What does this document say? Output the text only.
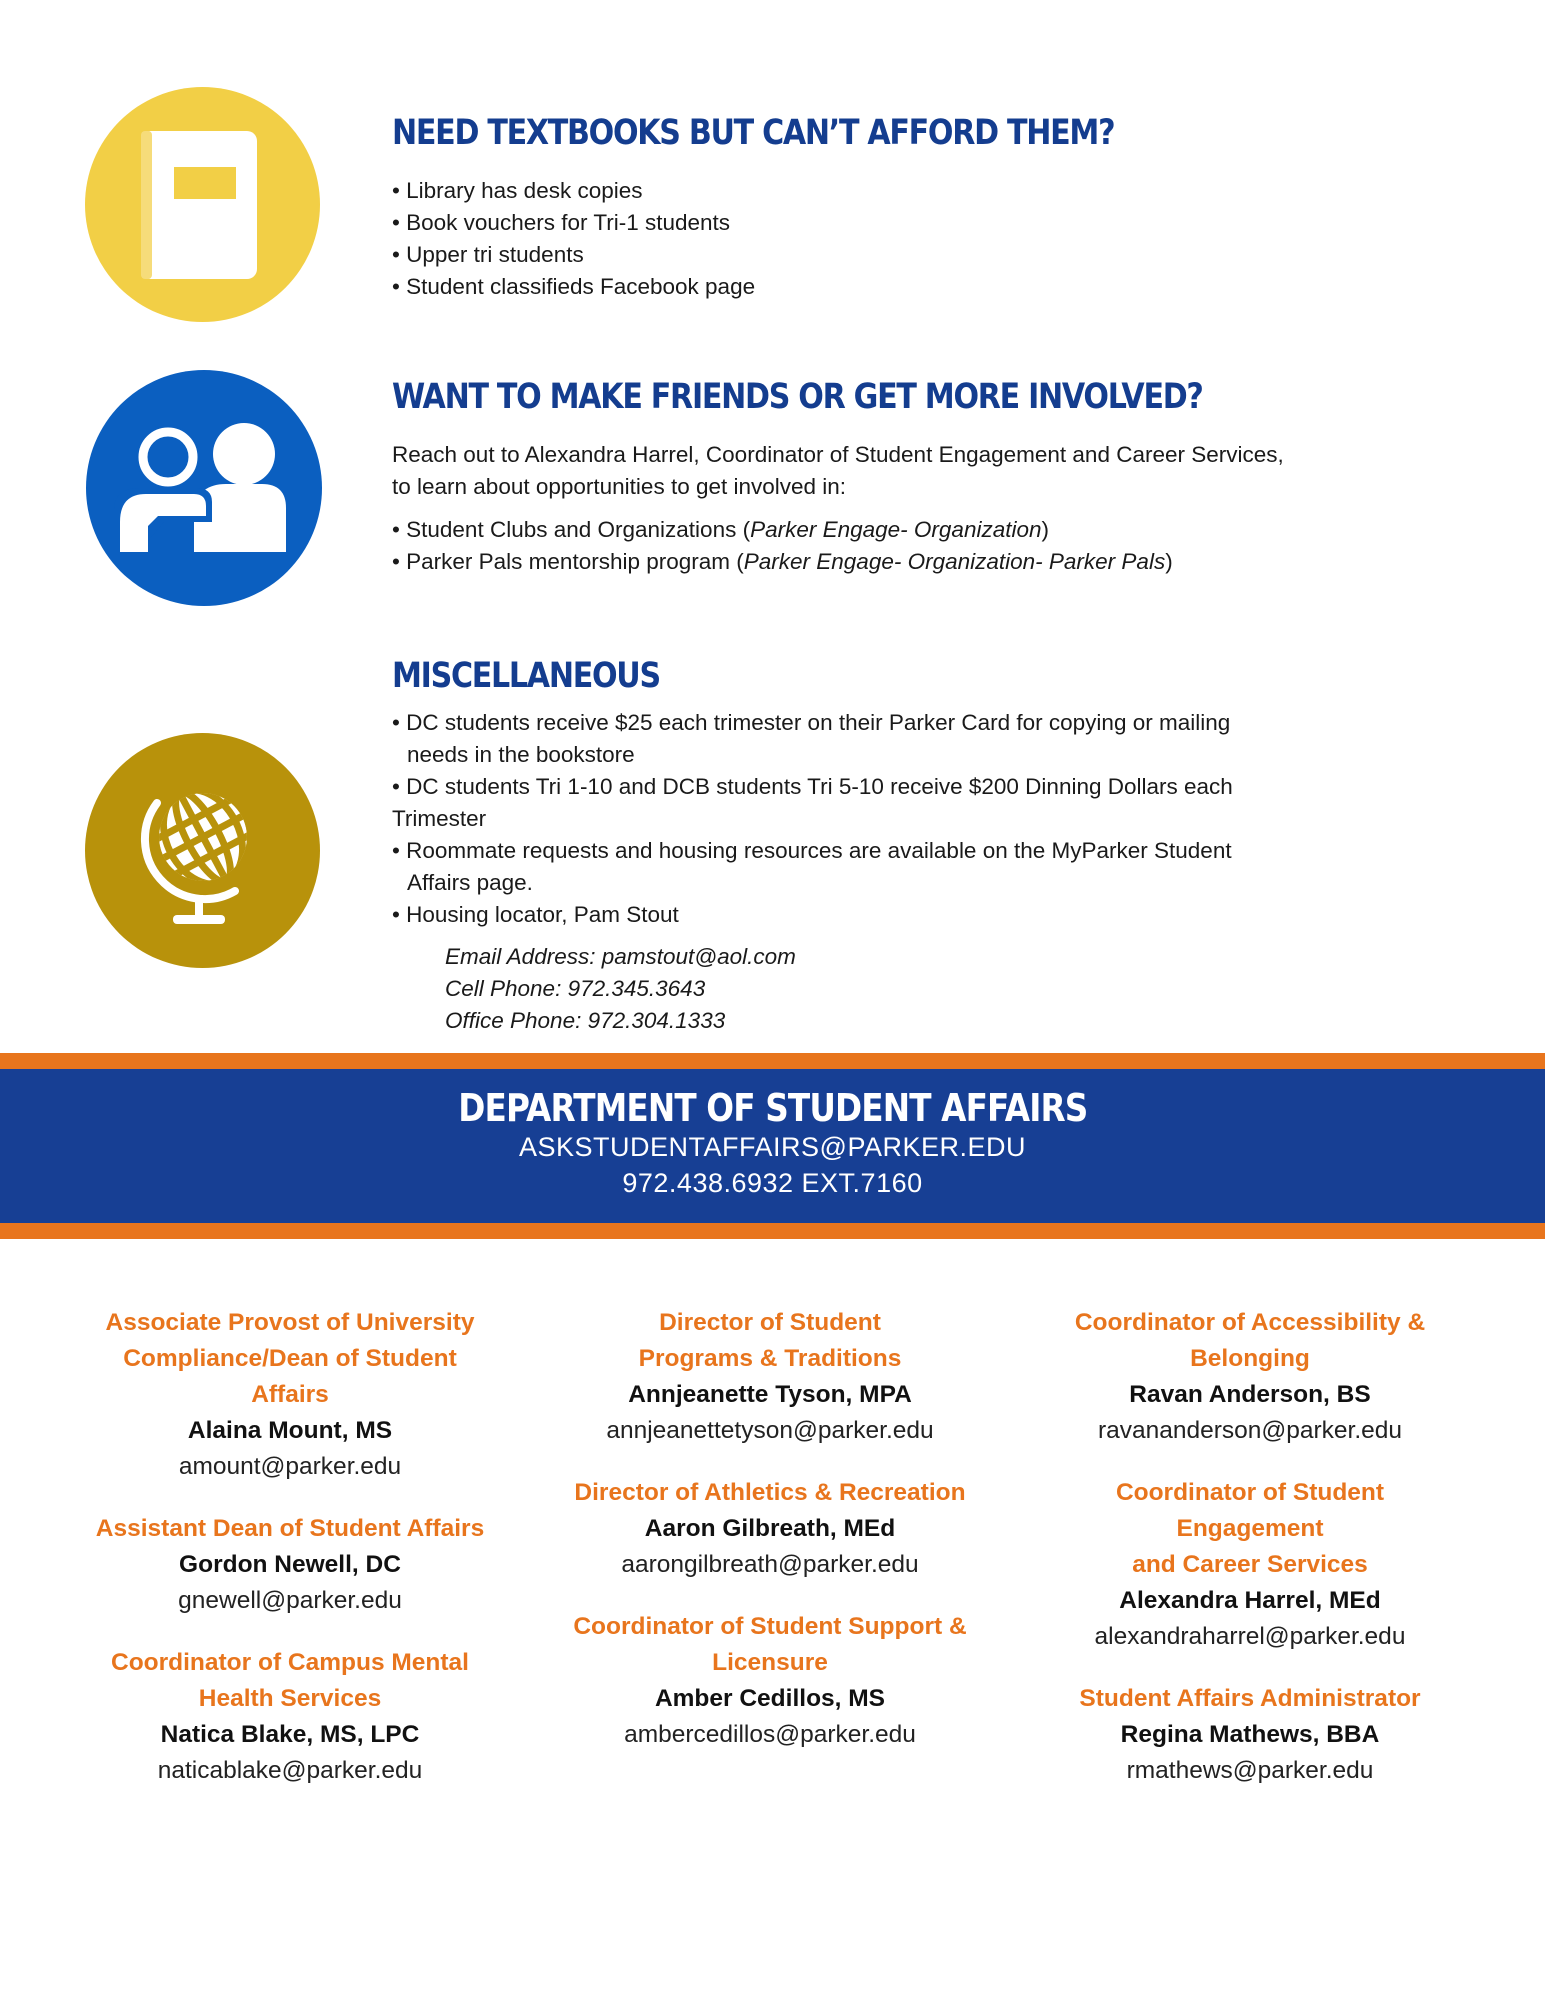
NEED TEXTBOOKS BUT CAN’T AFFORD THEM?
• Library has desk copies
• Book vouchers for Tri-1 students
• Upper tri students
• Student classifieds Facebook page
WANT TO MAKE FRIENDS OR GET MORE INVOLVED?
Reach out to Alexandra Harrel, Coordinator of Student Engagement and Career Services,
to learn about opportunities to get involved in:
• Student Clubs and Organizations (Parker Engage- Organization)
• Parker Pals mentorship program (Parker Engage- Organization- Parker Pals)
MISCELLANEOUS
• DC students receive $25 each trimester on their Parker Card for copying or mailing
needs in the bookstore
• DC students Tri 1-10 and DCB students Tri 5-10 receive $200 Dinning Dollars each
Trimester
• Roommate requests and housing resources are available on the MyParker Student
Affairs page.
• Housing locator, Pam Stout
Email Address: pamstout@aol.com
Cell Phone: 972.345.3643
Office Phone: 972.304.1333
DEPARTMENT OF STUDENT AFFAIRS
ASKSTUDENTAFFAIRS@PARKER.EDU
972.438.6932 EXT.7160
Associate Provost of University
Compliance/Dean of Student
Affairs
Alaina Mount, MS
amount@parker.edu
Assistant Dean of Student Affairs
Gordon Newell, DC
gnewell@parker.edu
Coordinator of Campus Mental
Health Services
Natica Blake, MS, LPC
naticablake@parker.edu
Director of Student
Programs & Traditions
Annjeanette Tyson, MPA
annjeanettetyson@parker.edu
Director of Athletics & Recreation
Aaron Gilbreath, MEd
aarongilbreath@parker.edu
Coordinator of Student Support &
Licensure
Amber Cedillos, MS
ambercedillos@parker.edu
Coordinator of Accessibility &
Belonging
Ravan Anderson, BS
ravananderson@parker.edu
Coordinator of Student
Engagement
and Career Services
Alexandra Harrel, MEd
alexandraharrel@parker.edu
Student Affairs Administrator
Regina Mathews, BBA
rmathews@parker.edu
